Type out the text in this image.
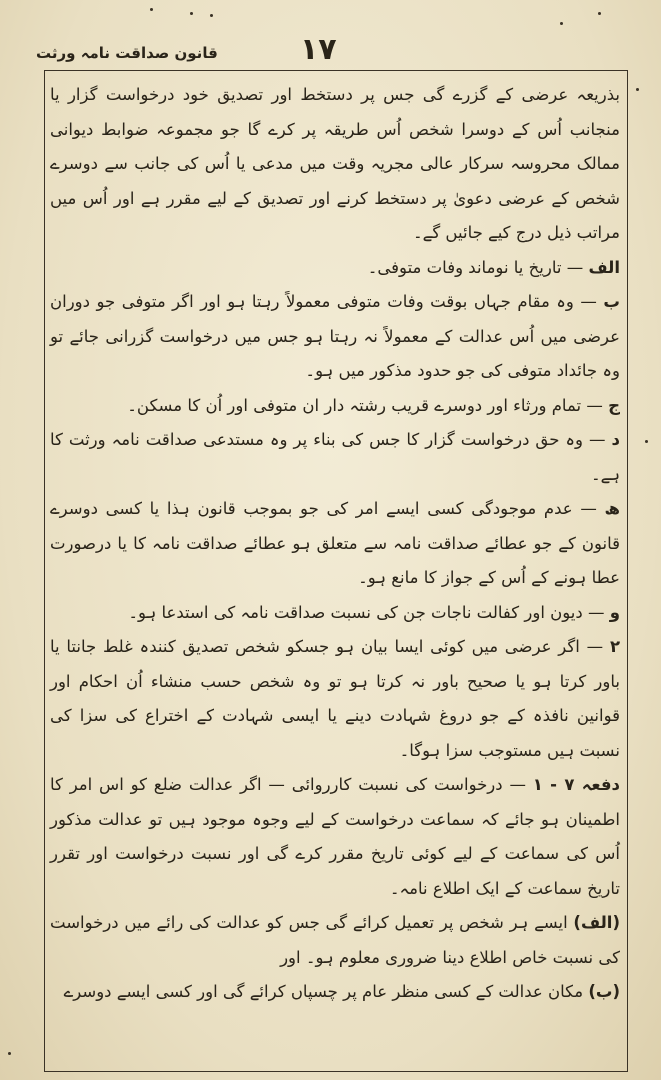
۱۷
قانون صداقت نامہ ورثت

بذریعہ عرضی کے گزرے گی جس پر دستخط اور تصدیق خود درخواست گزار یا منجانب اُس کے دوسرا شخص اُس طریقہ پر کرے گا جو مجموعہ ضوابط دیوانی ممالک محروسہ سرکار عالی مجریہ وقت میں مدعی یا اُس کی جانب سے دوسرے شخص کے عرضی دعویٰ پر دستخط کرنے اور تصدیق کے لیے مقرر ہے اور اُس میں مراتب ذیل درج کیے جائیں گے۔

الف — تاریخ یا نوماند وفات متوفی۔

ب — وہ مقام جہاں بوقت وفات متوفی معمولاً رہتا ہو اور اگر متوفی جو دوران عرضی میں اُس عدالت کے معمولاً نہ رہتا ہو جس میں درخواست گزرانی جائے تو وہ جائداد متوفی کی جو حدود مذکور میں ہو۔

ج — تمام ورثاء اور دوسرے قریب رشتہ دار ان متوفی اور اُن کا مسکن۔

د — وہ حق درخواست گزار کا جس کی بناء پر وہ مستدعی صداقت نامہ ورثت کا ہے۔

ھ — عدم موجودگی کسی ایسے امر کی جو بموجب قانون ہذا یا کسی دوسرے قانون کے جو عطائے صداقت نامہ سے متعلق ہو عطائے صداقت نامہ کا یا درصورت عطا ہونے کے اُس کے جواز کا مانع ہو۔

و — دیون اور کفالت ناجات جن کی نسبت صداقت نامہ کی استدعا ہو۔

۲ — اگر عرضی میں کوئی ایسا بیان ہو جسکو شخص تصدیق کنندہ غلط جانتا یا باور کرتا ہو یا صحیح باور نہ کرتا ہو تو وہ شخص حسب منشاء اُن احکام اور قوانین نافذہ کے جو دروغ شہادت دینے یا ایسی شہادت کے اختراع کی سزا کی نسبت ہیں مستوجب سزا ہوگا۔

دفعہ ۷ - ۱ — درخواست کی نسبت کارروائی — اگر عدالت ضلع کو اس امر کا اطمینان ہو جائے کہ سماعت درخواست کے لیے وجوہ موجود ہیں تو عدالت مذکور اُس کی سماعت کے لیے کوئی تاریخ مقرر کرے گی اور نسبت درخواست اور تقرر تاریخ سماعت کے ایک اطلاع نامہ۔

(الف) ایسے ہر شخص پر تعمیل کرائے گی جس کو عدالت کی رائے میں درخواست کی نسبت خاص اطلاع دینا ضروری معلوم ہو۔ اور

(ب) مکان عدالت کے کسی منظر عام پر چسپاں کرائے گی اور کسی ایسے دوسرے
